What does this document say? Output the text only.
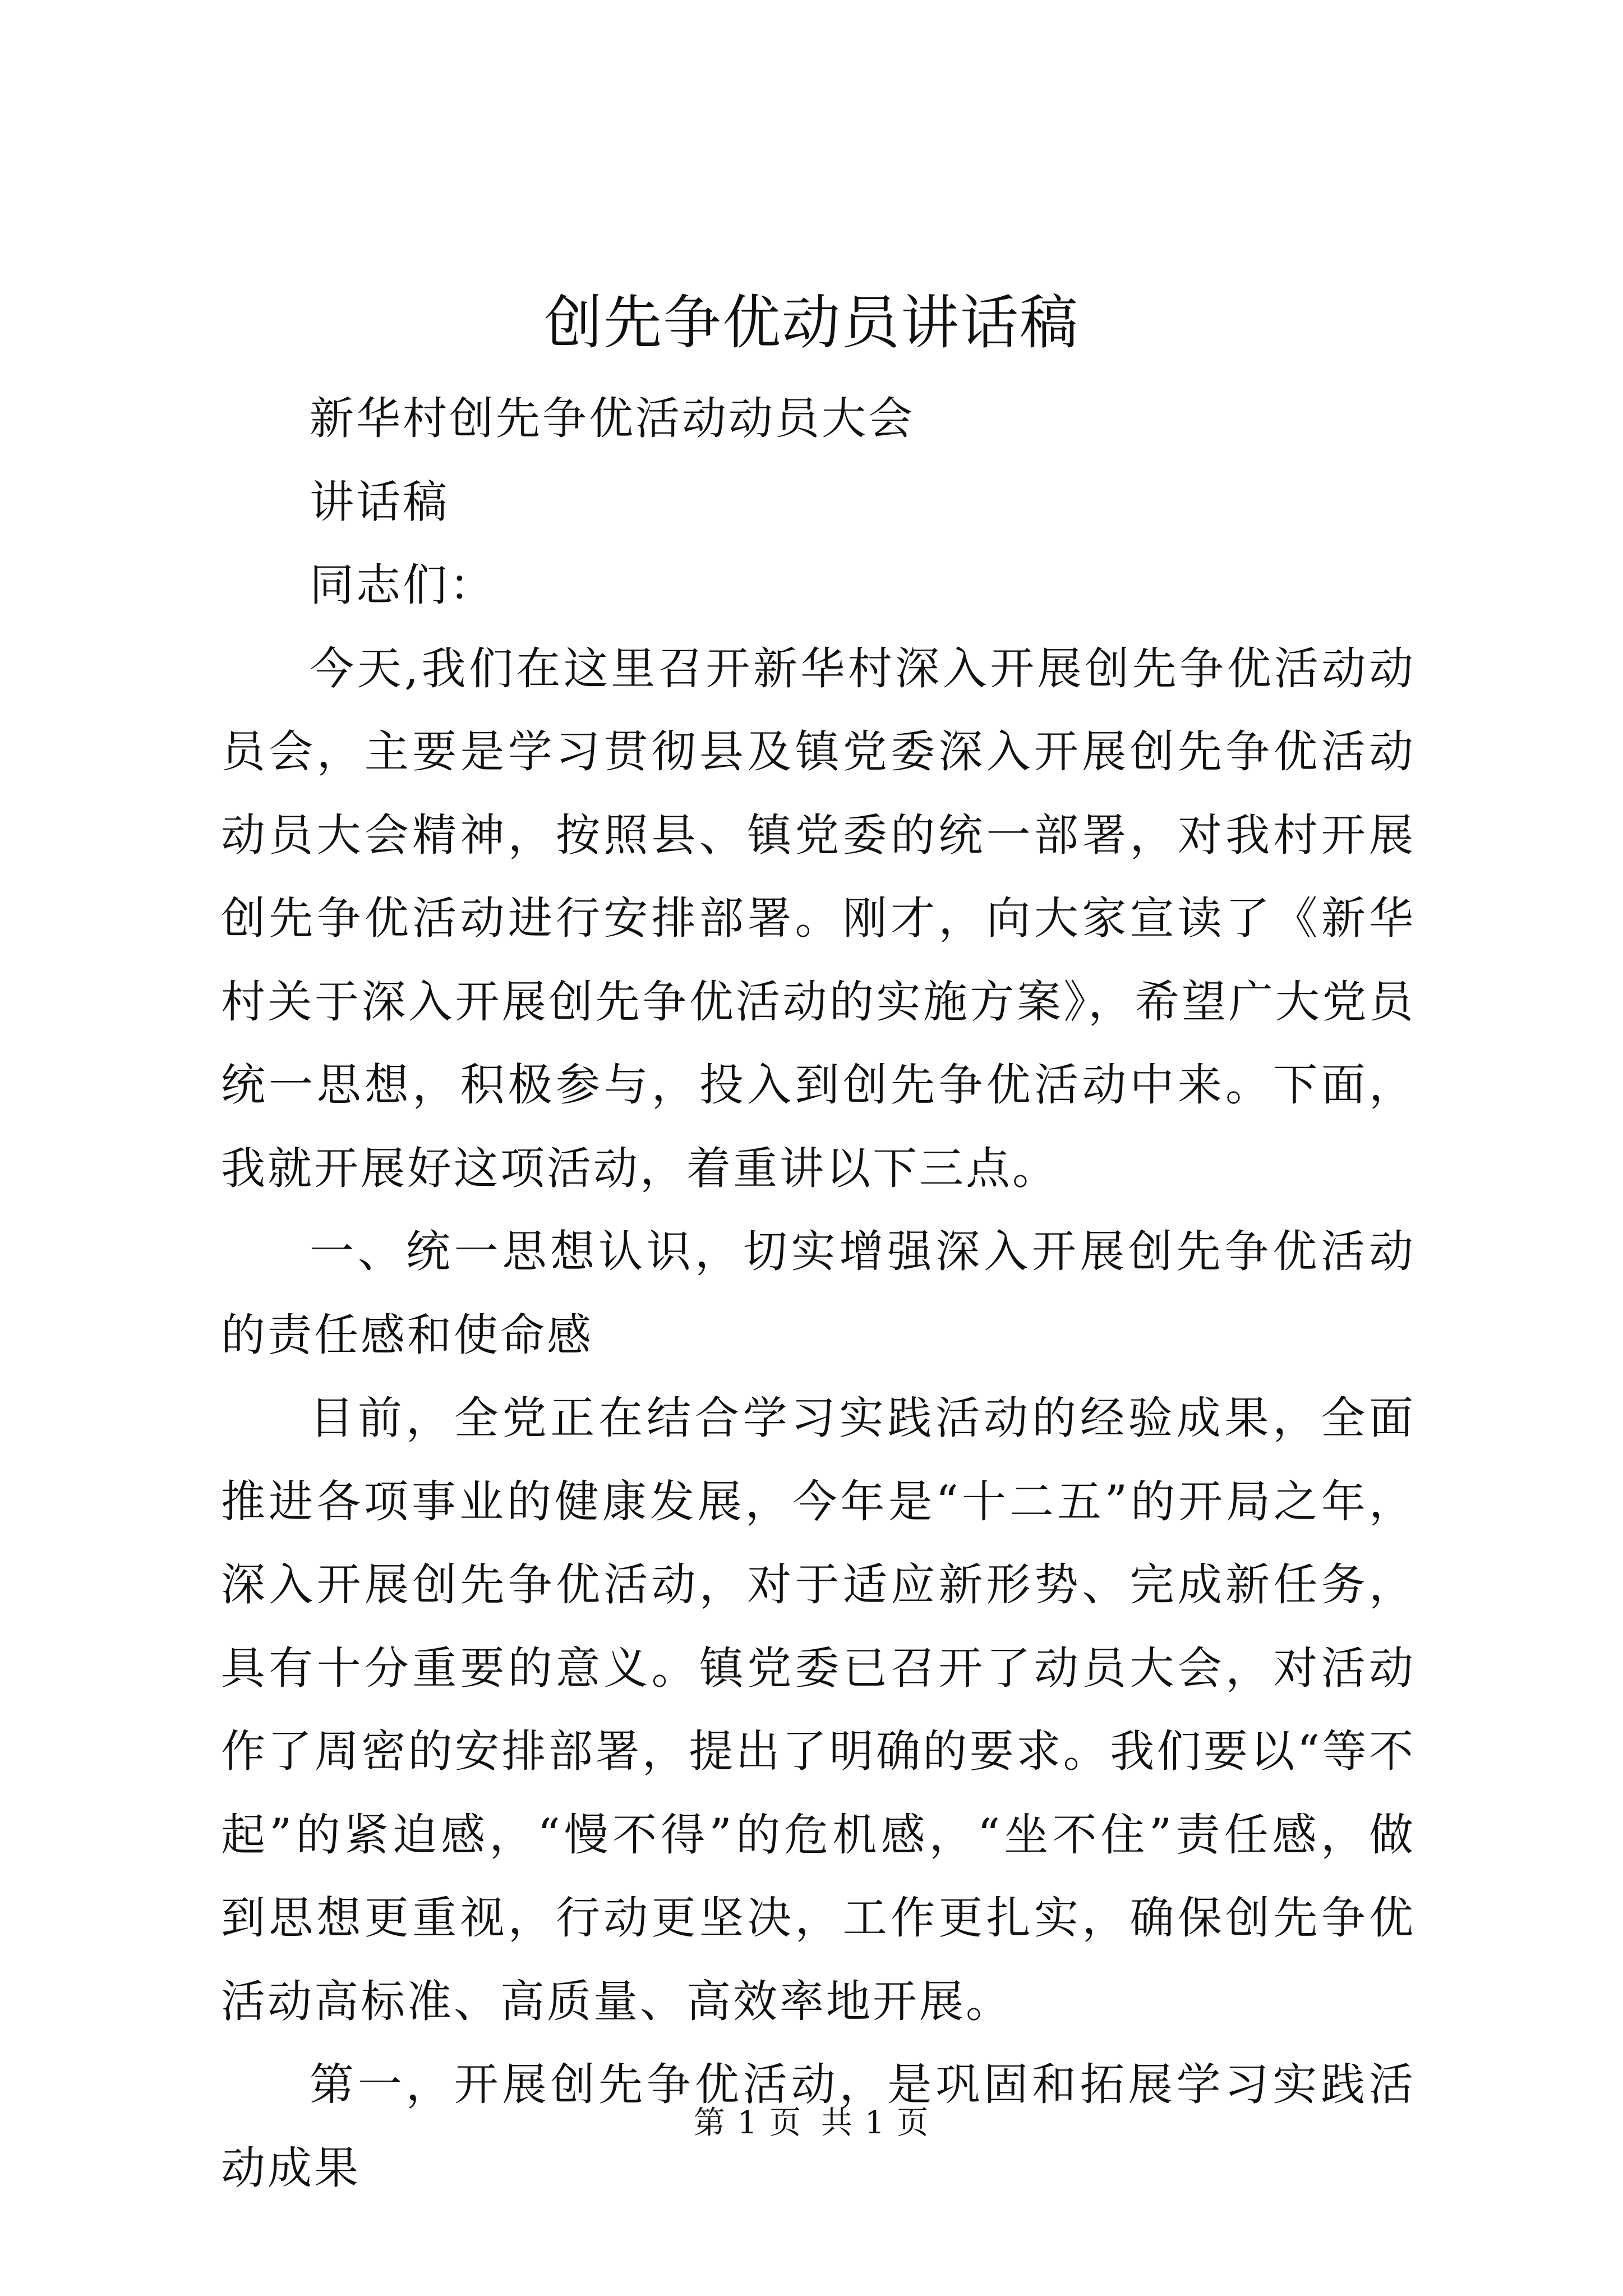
创先争优动员讲话稿

新华村创先争优活动动员大会

讲话稿

同志们：

今天,我们在这里召开新华村深入开展创先争优活动动员会，主要是学习贯彻县及镇党委深入开展创先争优活动动员大会精神，按照县、镇党委的统一部署，对我村开展创先争优活动进行安排部署。刚才，向大家宣读了《新华村关于深入开展创先争优活动的实施方案》，希望广大党员统一思想，积极参与，投入到创先争优活动中来。下面，我就开展好这项活动，着重讲以下三点。

一、统一思想认识，切实增强深入开展创先争优活动的责任感和使命感

目前，全党正在结合学习实践活动的经验成果，全面推进各项事业的健康发展，今年是“十二五”的开局之年，深入开展创先争优活动，对于适应新形势、完成新任务，具有十分重要的意义。镇党委已召开了动员大会，对活动作了周密的安排部署，提出了明确的要求。我们要以“等不起”的紧迫感，“慢不得”的危机感，“坐不住”责任感，做到思想更重视，行动更坚决，工作更扎实，确保创先争优活动高标准、高质量、高效率地开展。

第一，开展创先争优活动，是巩固和拓展学习实践活动成果

第 1 页 共 1 页
